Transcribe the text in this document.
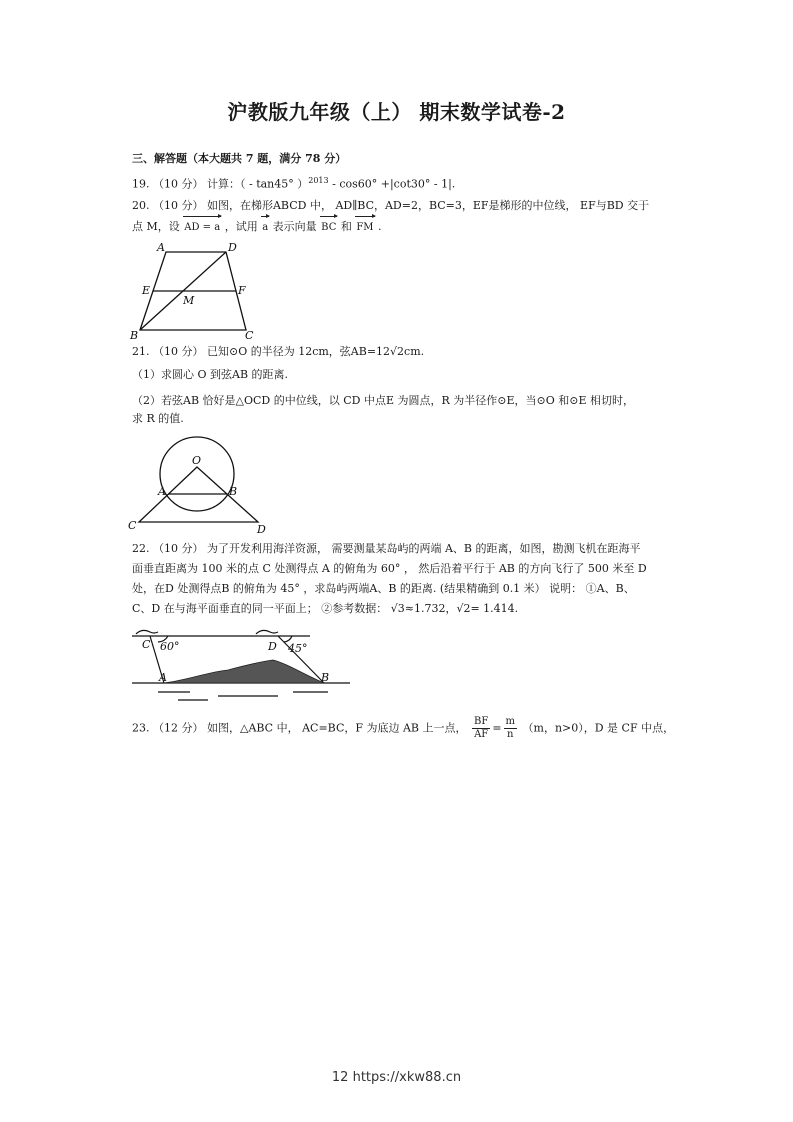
沪教版九年级（上） 期末数学试卷-2
三、解答题（本大题共 7 题，满分 78 分）
19. （10 分） 计算：（ - tan45° ）$^{2013}$ - cos60° +|cot30° - 1|.
20. （10 分） 如图，在梯形ABCD 中， AD∥BC，AD=2，BC=3，EF是梯形的中位线， EF与BD 交于
点 M，设 AD = a ，试用 a 表示向量 BC 和 FM .
A	D
E	F
M
B	C
21. （10 分） 已知⊙O 的半径为 12cm，弦AB=12√2cm.
（1）求圆心 O 到弦AB 的距离.
（2）若弦AB 恰好是△OCD 的中位线，以 CD 中点E 为圆点，R 为半径作⊙E，当⊙O 和⊙E 相切时，
求 R 的值.
O
A	B
C	D
22. （10 分） 为了开发利用海洋资源， 需要测量某岛屿的两端 A、B 的距离，如图，勘测飞机在距海平
面垂直距离为 100 米的点 C 处测得点 A 的俯角为 60° ， 然后沿着平行于 AB 的方向飞行了 500 米至 D
处，在D 处测得点B 的俯角为 45° ，求岛屿两端A、B 的距离. (结果精确到 0.1 米） 说明： ①A、B、
C、D 在与海平面垂直的同一平面上； ②参考数据： √3≈1.732，√2= 1.414.
C 60°	D 45°
A	B
23. （12 分） 如图，△ABC 中， AC=BC，F 为底边 AB 上一点， $\frac{BF}{AF} = \frac{m}{n} (m$，n>0），D 是 CF 中点，
12 https://xkw88.cn
